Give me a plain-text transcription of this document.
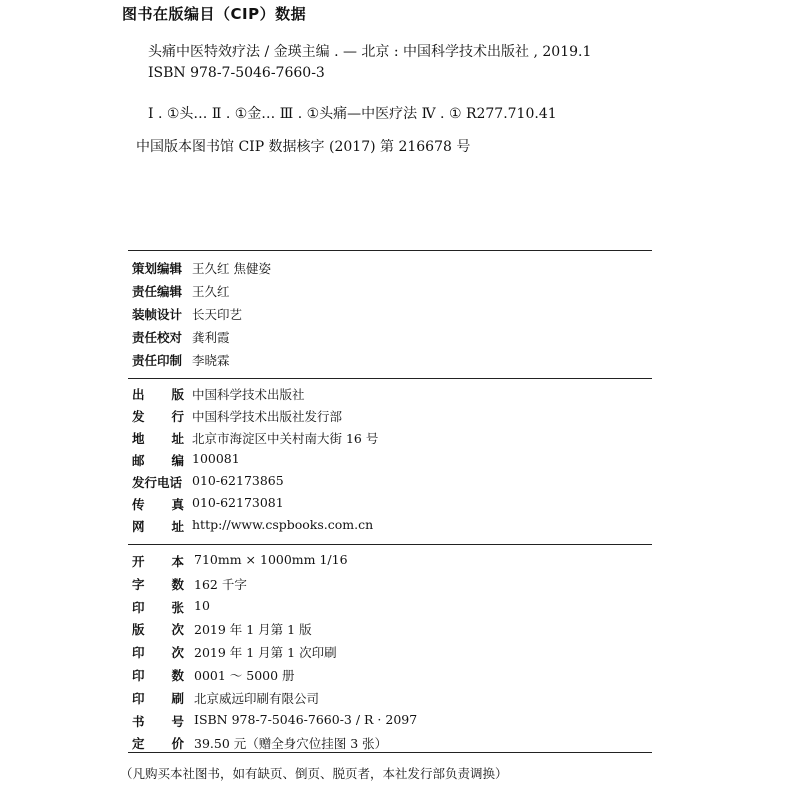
图书在版编目（CIP）数据
头痛中医特效疗法 / 金瑛主编 . — 北京 : 中国科学技术出版社 , 2019.1
ISBN 978-7-5046-7660-3
Ⅰ . ①头… Ⅱ . ①金… Ⅲ . ①头痛—中医疗法 Ⅳ . ① R277.710.41
中国版本图书馆 CIP 数据核字 (2017) 第 216678 号
策划编辑 王久红 焦健姿
责任编辑 王久红
装帧设计 长天印艺
责任校对 龚利霞
责任印制 李晓霖
出 版 中国科学技术出版社
发 行 中国科学技术出版社发行部
地 址 北京市海淀区中关村南大街 16 号
邮 编 100081
发行电话 010-62173865
传 真 010-62173081
网 址 http://www.cspbooks.com.cn
开 本 710mm × 1000mm 1/16
字 数 162 千字
印 张 10
版 次 2019 年 1 月第 1 版
印 次 2019 年 1 月第 1 次印刷
印 数 0001 ～ 5000 册
印 刷 北京威远印刷有限公司
书 号 ISBN 978-7-5046-7660-3 / R · 2097
定 价 39.50 元（赠全身穴位挂图 3 张）
（凡购买本社图书，如有缺页、倒页、脱页者，本社发行部负责调换）
